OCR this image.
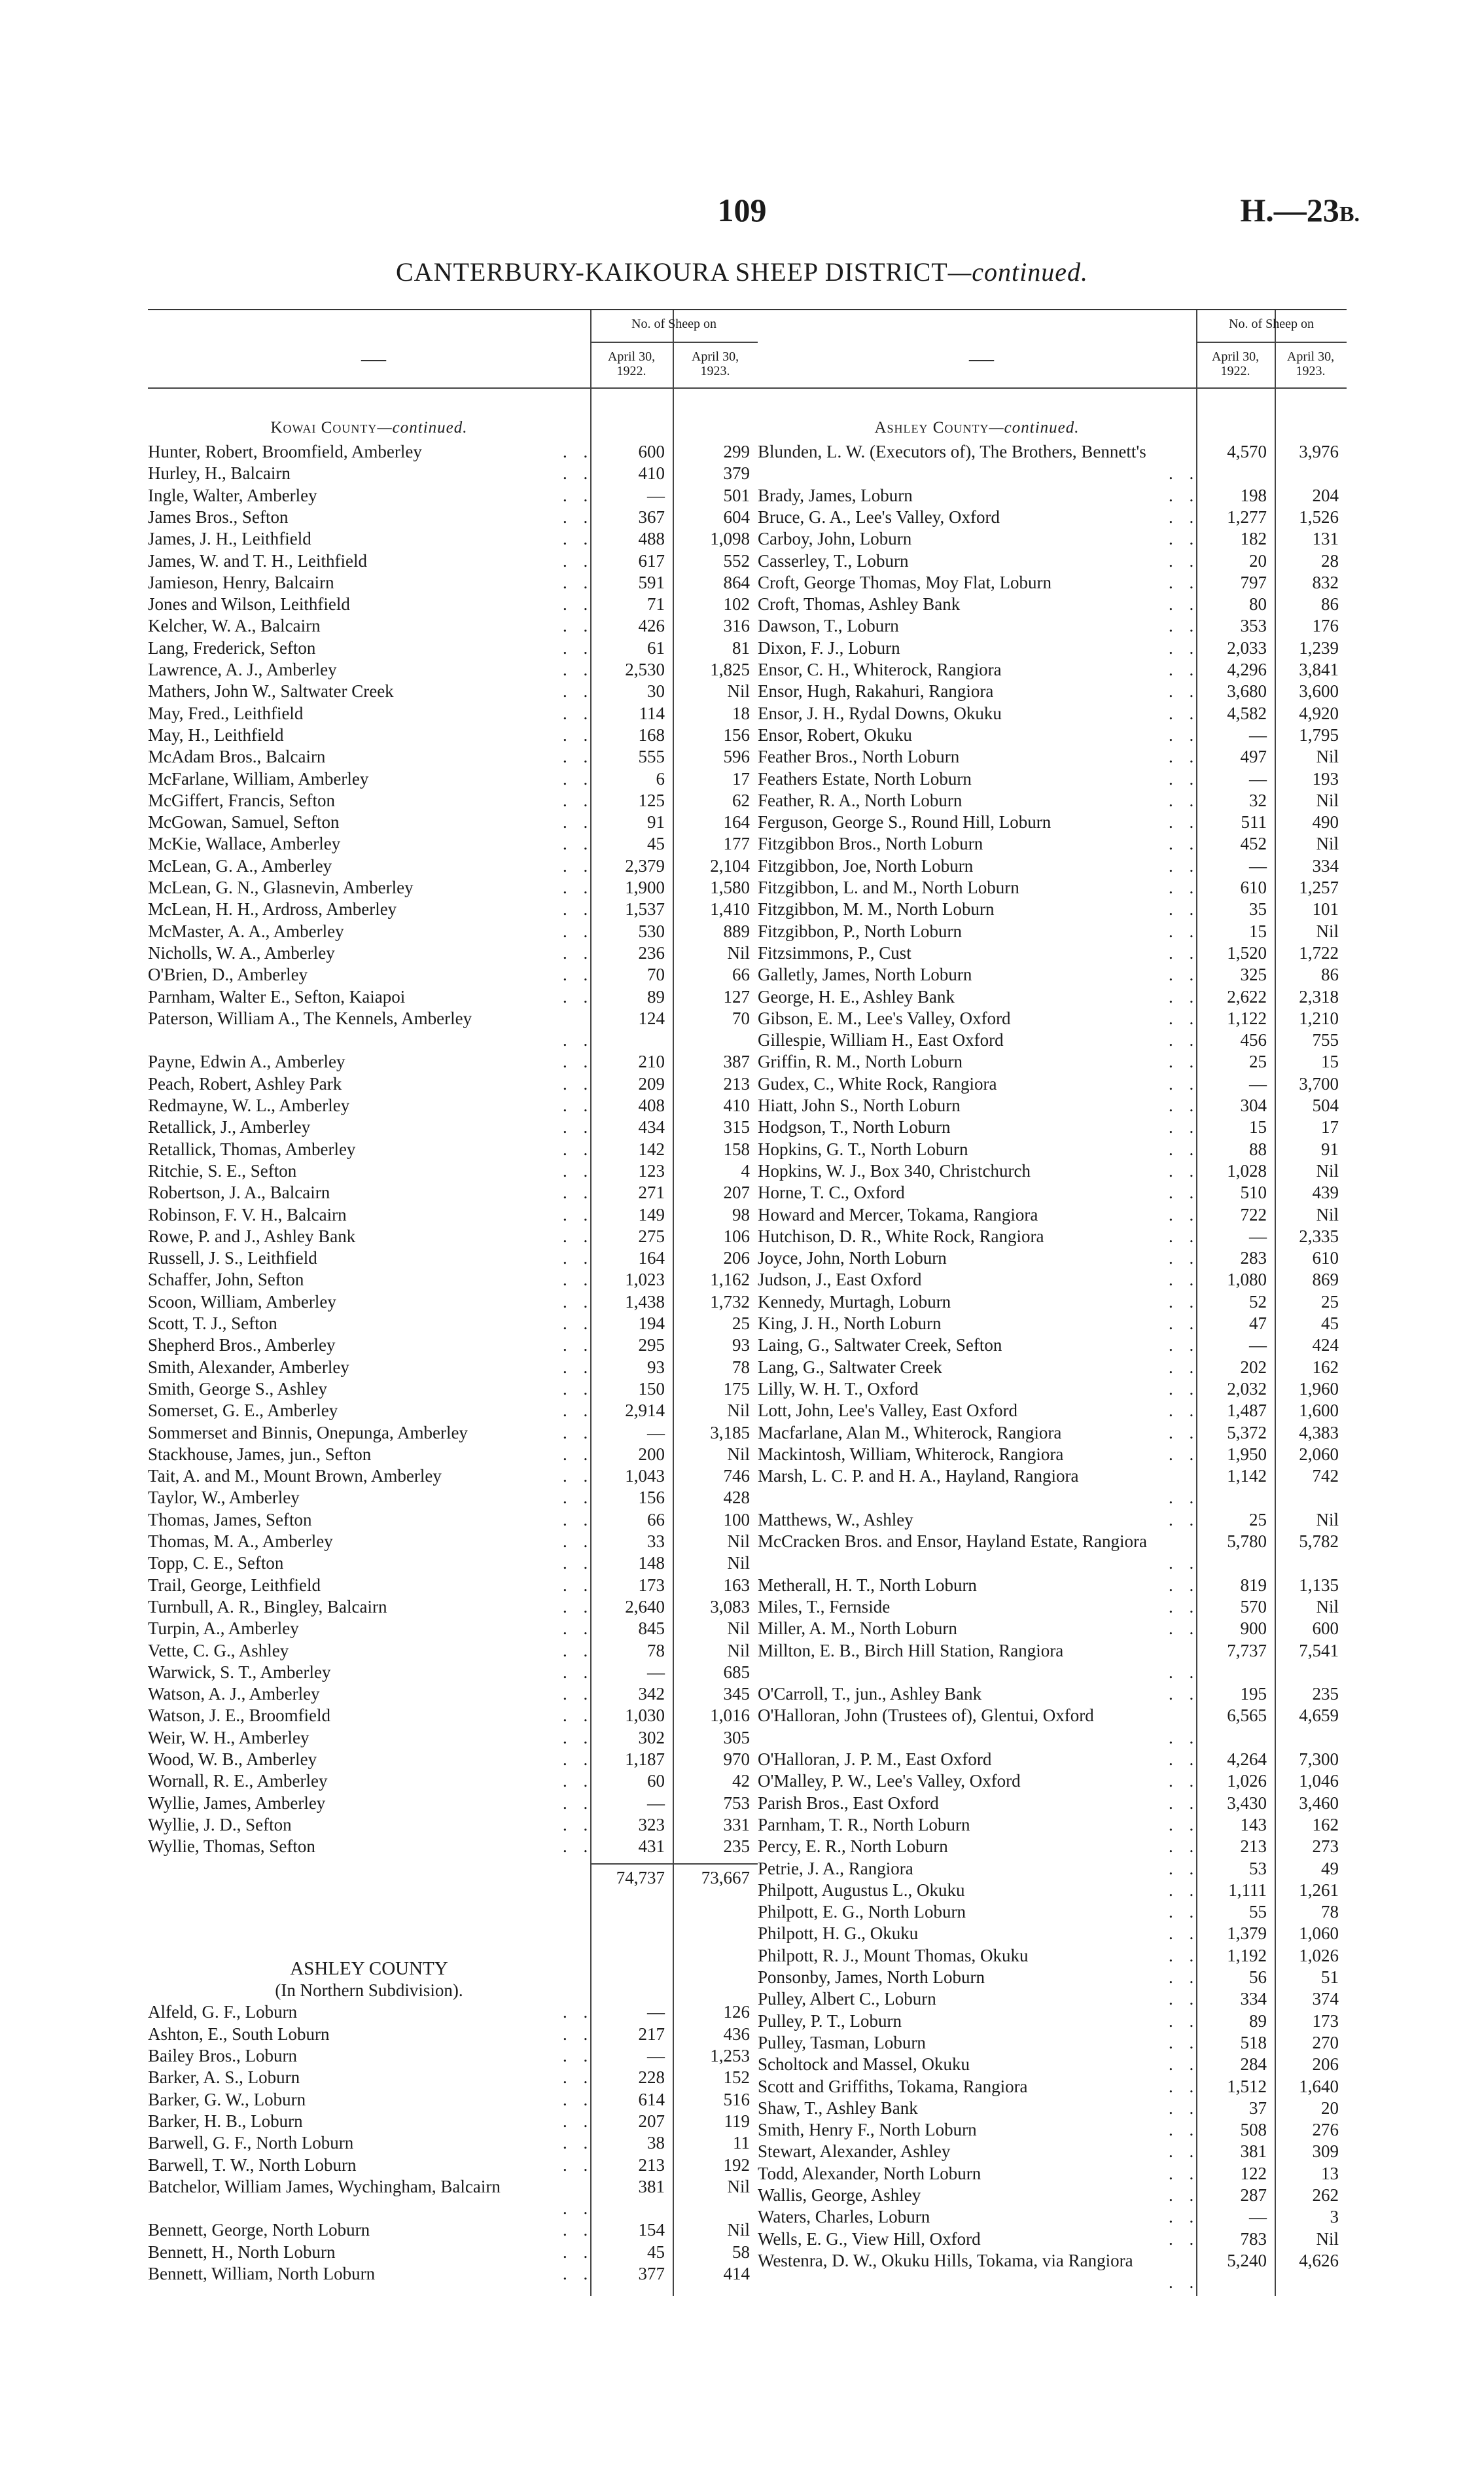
109	H.—23B.
CANTERBURY-KAIKOURA SHEEP DISTRICT—continued.
—
No. of Sheep on
April 30,
1922.
April 30,
1923.
Kowai County—continued.
Hunter, Robert, Broomfield, Amberley	. .	600	299
Hurley, H., Balcairn	. .	410	379
Ingle, Walter, Amberley	. .	—	501
James Bros., Sefton	. .	367	604
James, J. H., Leithfield	. .	488	1,098
James, W. and T. H., Leithfield	. .	617	552
Jamieson, Henry, Balcairn	. .	591	864
Jones and Wilson, Leithfield	. .	71	102
Kelcher, W. A., Balcairn	. .	426	316
Lang, Frederick, Sefton	. .	61	81
Lawrence, A. J., Amberley	. .	2,530	1,825
Mathers, John W., Saltwater Creek	. .	30	Nil
May, Fred., Leithfield	. .	114	18
May, H., Leithfield	. .	168	156
McAdam Bros., Balcairn	. .	555	596
McFarlane, William, Amberley	. .	6	17
McGiffert, Francis, Sefton	. .	125	62
McGowan, Samuel, Sefton	. .	91	164
McKie, Wallace, Amberley	. .	45	177
McLean, G. A., Amberley	. .	2,379	2,104
McLean, G. N., Glasnevin, Amberley	. .	1,900	1,580
McLean, H. H., Ardross, Amberley	. .	1,537	1,410
McMaster, A. A., Amberley	. .	530	889
Nicholls, W. A., Amberley	. .	236	Nil
O'Brien, D., Amberley	. .	70	66
Parnham, Walter E., Sefton, Kaiapoi	. .	89	127
Paterson, William A., The Kennels, Amberley
. .
124	70
Payne, Edwin A., Amberley	. .	210	387
Peach, Robert, Ashley Park	. .	209	213
Redmayne, W. L., Amberley	. .	408	410
Retallick, J., Amberley	. .	434	315
Retallick, Thomas, Amberley	. .	142	158
Ritchie, S. E., Sefton	. .	123	4
Robertson, J. A., Balcairn	. .	271	207
Robinson, F. V. H., Balcairn	. .	149	98
Rowe, P. and J., Ashley Bank	. .	275	106
Russell, J. S., Leithfield	. .	164	206
Schaffer, John, Sefton	. .	1,023	1,162
Scoon, William, Amberley	. .	1,438	1,732
Scott, T. J., Sefton	. .	194	25
Shepherd Bros., Amberley	. .	295	93
Smith, Alexander, Amberley	. .	93	78
Smith, George S., Ashley	. .	150	175
Somerset, G. E., Amberley	. .	2,914	Nil
Sommerset and Binnis, Onepunga, Amberley	. .	—	3,185
Stackhouse, James, jun., Sefton	. .	200	Nil
Tait, A. and M., Mount Brown, Amberley	. .	1,043	746
Taylor, W., Amberley	. .	156	428
Thomas, James, Sefton	. .	66	100
Thomas, M. A., Amberley	. .	33	Nil
Topp, C. E., Sefton	. .	148	Nil
Trail, George, Leithfield	. .	173	163
Turnbull, A. R., Bingley, Balcairn	. .	2,640	3,083
Turpin, A., Amberley	. .	845	Nil
Vette, C. G., Ashley	. .	78	Nil
Warwick, S. T., Amberley	. .	—	685
Watson, A. J., Amberley	. .	342	345
Watson, J. E., Broomfield	. .	1,030	1,016
Weir, W. H., Amberley	. .	302	305
Wood, W. B., Amberley	. .	1,187	970
Wornall, R. E., Amberley	. .	60	42
Wyllie, James, Amberley	. .	—	753
Wyllie, J. D., Sefton	. .	323	331
Wyllie, Thomas, Sefton	. .	431	235
74,737	73,667
ASHLEY COUNTY
(In Northern Subdivision).
Alfeld, G. F., Loburn	. .	—	126
Ashton, E., South Loburn	. .	217	436
Bailey Bros., Loburn	. .	—	1,253
Barker, A. S., Loburn	. .	228	152
Barker, G. W., Loburn	. .	614	516
Barker, H. B., Loburn	. .	207	119
Barwell, G. F., North Loburn	. .	38	11
Barwell, T. W., North Loburn	. .	213	192
Batchelor, William James, Wychingham, Balcairn
. .
381	Nil
Bennett, George, North Loburn	. .	154	Nil
Bennett, H., North Loburn	. .	45	58
Bennett, William, North Loburn	. .	377	414
—
No. of Sheep on
April 30,
1922.
April 30,
1923.
Ashley County—continued.
Blunden, L. W. (Executors of), The Brothers, Bennett's
. .
4,570	3,976
Brady, James, Loburn	. .	198	204
Bruce, G. A., Lee's Valley, Oxford	. .	1,277	1,526
Carboy, John, Loburn	. .	182	131
Casserley, T., Loburn	. .	20	28
Croft, George Thomas, Moy Flat, Loburn	. .	797	832
Croft, Thomas, Ashley Bank	. .	80	86
Dawson, T., Loburn	. .	353	176
Dixon, F. J., Loburn	. .	2,033	1,239
Ensor, C. H., Whiterock, Rangiora	. .	4,296	3,841
Ensor, Hugh, Rakahuri, Rangiora	. .	3,680	3,600
Ensor, J. H., Rydal Downs, Okuku	. .	4,582	4,920
Ensor, Robert, Okuku	. .	—	1,795
Feather Bros., North Loburn	. .	497	Nil
Feathers Estate, North Loburn	. .	—	193
Feather, R. A., North Loburn	. .	32	Nil
Ferguson, George S., Round Hill, Loburn	. .	511	490
Fitzgibbon Bros., North Loburn	. .	452	Nil
Fitzgibbon, Joe, North Loburn	. .	—	334
Fitzgibbon, L. and M., North Loburn	. .	610	1,257
Fitzgibbon, M. M., North Loburn	. .	35	101
Fitzgibbon, P., North Loburn	. .	15	Nil
Fitzsimmons, P., Cust	. .	1,520	1,722
Galletly, James, North Loburn	. .	325	86
George, H. E., Ashley Bank	. .	2,622	2,318
Gibson, E. M., Lee's Valley, Oxford	. .	1,122	1,210
Gillespie, William H., East Oxford	. .	456	755
Griffin, R. M., North Loburn	. .	25	15
Gudex, C., White Rock, Rangiora	. .	—	3,700
Hiatt, John S., North Loburn	. .	304	504
Hodgson, T., North Loburn	. .	15	17
Hopkins, G. T., North Loburn	. .	88	91
Hopkins, W. J., Box 340, Christchurch	. .	1,028	Nil
Horne, T. C., Oxford	. .	510	439
Howard and Mercer, Tokama, Rangiora	. .	722	Nil
Hutchison, D. R., White Rock, Rangiora	. .	—	2,335
Joyce, John, North Loburn	. .	283	610
Judson, J., East Oxford	. .	1,080	869
Kennedy, Murtagh, Loburn	. .	52	25
King, J. H., North Loburn	. .	47	45
Laing, G., Saltwater Creek, Sefton	. .	—	424
Lang, G., Saltwater Creek	. .	202	162
Lilly, W. H. T., Oxford	. .	2,032	1,960
Lott, John, Lee's Valley, East Oxford	. .	1,487	1,600
Macfarlane, Alan M., Whiterock, Rangiora	. .	5,372	4,383
Mackintosh, William, Whiterock, Rangiora	. .	1,950	2,060
Marsh, L. C. P. and H. A., Hayland, Rangiora
. .
1,142	742
Matthews, W., Ashley	. .	25	Nil
McCracken Bros. and Ensor, Hayland Estate, Rangiora
. .
5,780	5,782
Metherall, H. T., North Loburn	. .	819	1,135
Miles, T., Fernside	. .	570	Nil
Miller, A. M., North Loburn	. .	900	600
Millton, E. B., Birch Hill Station, Rangiora
. .
7,737	7,541
O'Carroll, T., jun., Ashley Bank	. .	195	235
O'Halloran, John (Trustees of), Glentui, Oxford
. .
6,565	4,659
O'Halloran, J. P. M., East Oxford	. .	4,264	7,300
O'Malley, P. W., Lee's Valley, Oxford	. .	1,026	1,046
Parish Bros., East Oxford	. .	3,430	3,460
Parnham, T. R., North Loburn	. .	143	162
Percy, E. R., North Loburn	. .	213	273
Petrie, J. A., Rangiora	. .	53	49
Philpott, Augustus L., Okuku	. .	1,111	1,261
Philpott, E. G., North Loburn	. .	55	78
Philpott, H. G., Okuku	. .	1,379	1,060
Philpott, R. J., Mount Thomas, Okuku	. .	1,192	1,026
Ponsonby, James, North Loburn	. .	56	51
Pulley, Albert C., Loburn	. .	334	374
Pulley, P. T., Loburn	. .	89	173
Pulley, Tasman, Loburn	. .	518	270
Scholtock and Massel, Okuku	. .	284	206
Scott and Griffiths, Tokama, Rangiora	. .	1,512	1,640
Shaw, T., Ashley Bank	. .	37	20
Smith, Henry F., North Loburn	. .	508	276
Stewart, Alexander, Ashley	. .	381	309
Todd, Alexander, North Loburn	. .	122	13
Wallis, George, Ashley	. .	287	262
Waters, Charles, Loburn	. .	—	3
Wells, E. G., View Hill, Oxford	. .	783	Nil
Westenra, D. W., Okuku Hills, Tokama, via Rangiora
. .
5,240	4,626
